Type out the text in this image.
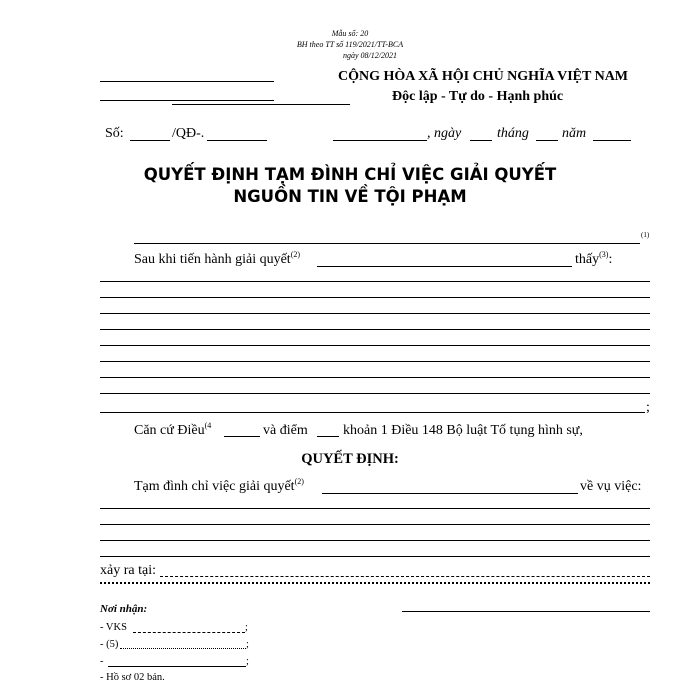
Mẫu số: 20
BH theo TT số 119/2021/TT-BCA
ngày 08/12/2021
CỘNG HÒA XÃ HỘI CHỦ NGHĨA VIỆT NAM
Độc lập - Tự do - Hạnh phúc
Số:	/QĐ-.	, ngày	tháng năm
QUYẾT ĐỊNH TẠM ĐÌNH CHỈ VIỆC GIẢI QUYẾT
NGUỒN TIN VỀ TỘI PHẠM
(1)
Sau khi tiến hành giải quyết$^{(2)}$	thấy$^{(3)}$:
;
Căn cứ Điều$^{(4}$	và điểm	khoản 1 Điều 148 Bộ luật Tố tụng hình sự,
QUYẾT ĐỊNH:
Tạm đình chỉ việc giải quyết$^{(2)}$	về vụ việc:
xảy ra tại:
Nơi nhận:
- VKS	;
- (5)	;
-	;
- Hồ sơ 02 bản.
